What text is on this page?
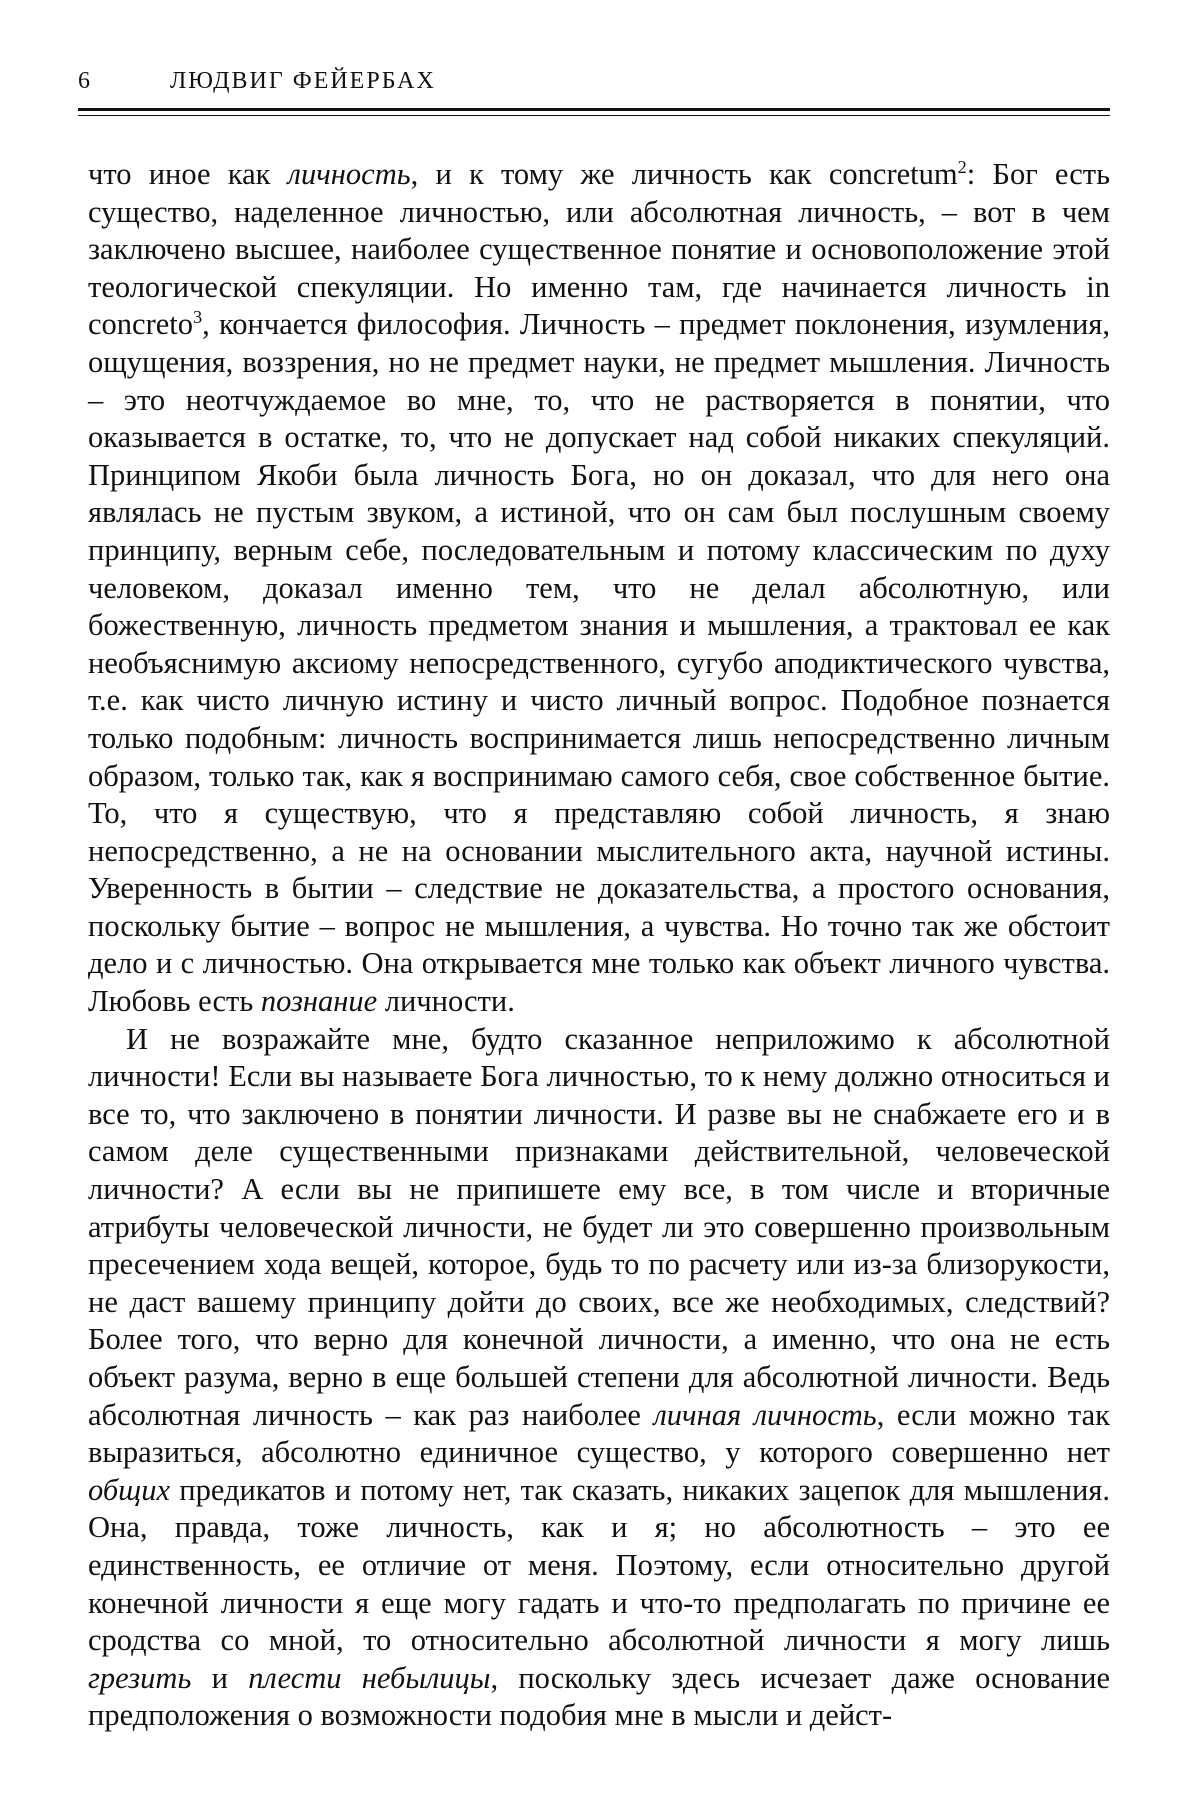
6	ЛЮДВИГ ФЕЙЕРБАХ

что иное как личность, и к тому же личность как concretum$^2$: Бог есть существо, наделенное личностью, или абсолютная личность, – вот в чем заключено высшее, наиболее существенное понятие и основоположение этой теологической спекуляции. Но именно там, где начинается личность in concreto$^3$, кончается философия. Личность – предмет поклонения, изумления, ощущения, воззрения, но не предмет науки, не предмет мышления. Личность – это неотчуждаемое во мне, то, что не растворяется в понятии, что оказывается в остатке, то, что не допускает над собой никаких спекуляций. Принципом Якоби была личность Бога, но он доказал, что для него она являлась не пустым звуком, а истиной, что он сам был послушным своему принципу, верным себе, последовательным и потому классическим по духу человеком, доказал именно тем, что не делал абсолютную, или божественную, личность предметом знания и мышления, а трактовал ее как необъяснимую аксиому непосредственного, сугубо аподиктического чувства, т.е. как чисто личную истину и чисто личный вопрос. Подобное познается только подобным: личность воспринимается лишь непосредственно личным образом, только так, как я воспринимаю самого себя, свое собственное бытие. То, что я существую, что я представляю собой личность, я знаю непосредственно, а не на основании мыслительного акта, научной истины. Уверенность в бытии – следствие не доказательства, а простого основания, поскольку бытие – вопрос не мышления, а чувства. Но точно так же обстоит дело и с личностью. Она открывается мне только как объект личного чувства. Любовь есть познание личности.

И не возражайте мне, будто сказанное неприложимо к абсолютной личности! Если вы называете Бога личностью, то к нему должно относиться и все то, что заключено в понятии личности. И разве вы не снабжаете его и в самом деле существенными признаками действительной, человеческой личности? А если вы не припишете ему все, в том числе и вторичные атрибуты человеческой личности, не будет ли это совершенно произвольным пресечением хода вещей, которое, будь то по расчету или из-за близорукости, не даст вашему принципу дойти до своих, все же необходимых, следствий? Более того, что верно для конечной личности, а именно, что она не есть объект разума, верно в еще большей степени для абсолютной личности. Ведь абсолютная личность – как раз наиболее личная личность, если можно так выразиться, абсолютно единичное существо, у которого совершенно нет общих предикатов и потому нет, так сказать, никаких зацепок для мышления. Она, правда, тоже личность, как и я; но абсолютность – это ее единственность, ее отличие от меня. Поэтому, если относительно другой конечной личности я еще могу гадать и что-то предполагать по причине ее сродства со мной, то относительно абсолютной личности я могу лишь грезить и плести небылицы, поскольку здесь исчезает даже основание предположения о возможности подобия мне в мысли и дейст-
